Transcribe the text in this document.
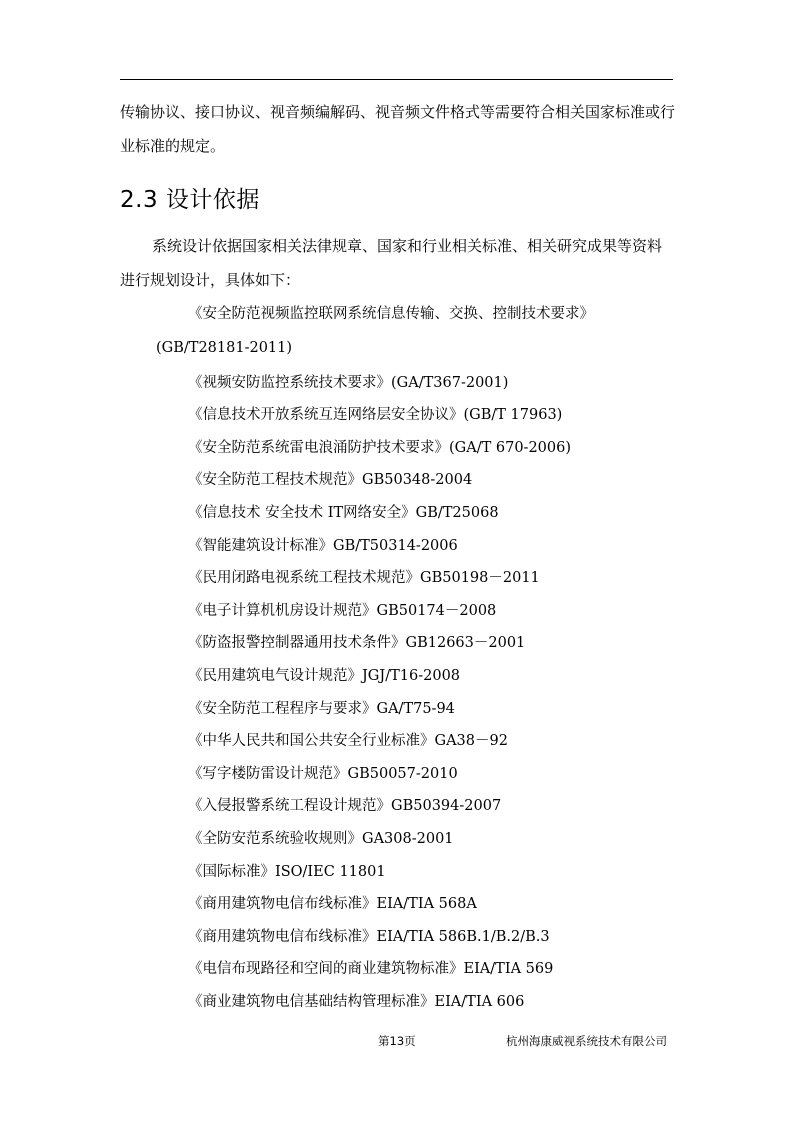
传输协议、接口协议、视音频编解码、视音频文件格式等需要符合相关国家标准或行业标准的规定。

2.3 设计依据

系统设计依据国家相关法律规章、国家和行业相关标准、相关研究成果等资料进行规划设计，具体如下：

《安全防范视频监控联网系统信息传输、交换、控制技术要求》
(GB/T28181-2011)

《视频安防监控系统技术要求》(GA/T367-2001)

《信息技术开放系统互连网络层安全协议》(GB/T 17963)

《安全防范系统雷电浪涌防护技术要求》(GA/T 670-2006)

《安全防范工程技术规范》GB50348-2004

《信息技术 安全技术 IT网络安全》GB/T25068

《智能建筑设计标准》GB/T50314-2006

《民用闭路电视系统工程技术规范》GB50198－2011

《电子计算机机房设计规范》GB50174－2008

《防盗报警控制器通用技术条件》GB12663－2001

《民用建筑电气设计规范》JGJ/T16-2008

《安全防范工程程序与要求》GA/T75-94

《中华人民共和国公共安全行业标准》GA38－92

《写字楼防雷设计规范》GB50057-2010

《入侵报警系统工程设计规范》GB50394-2007

《全防安范系统验收规则》GA308-2001

《国际标准》ISO/IEC 11801

《商用建筑物电信布线标准》EIA/TIA 568A

《商用建筑物电信布线标准》EIA/TIA 586B.1/B.2/B.3

《电信布现路径和空间的商业建筑物标准》EIA/TIA 569

《商业建筑物电信基础结构管理标准》EIA/TIA 606

第13页	杭州海康威视系统技术有限公司
